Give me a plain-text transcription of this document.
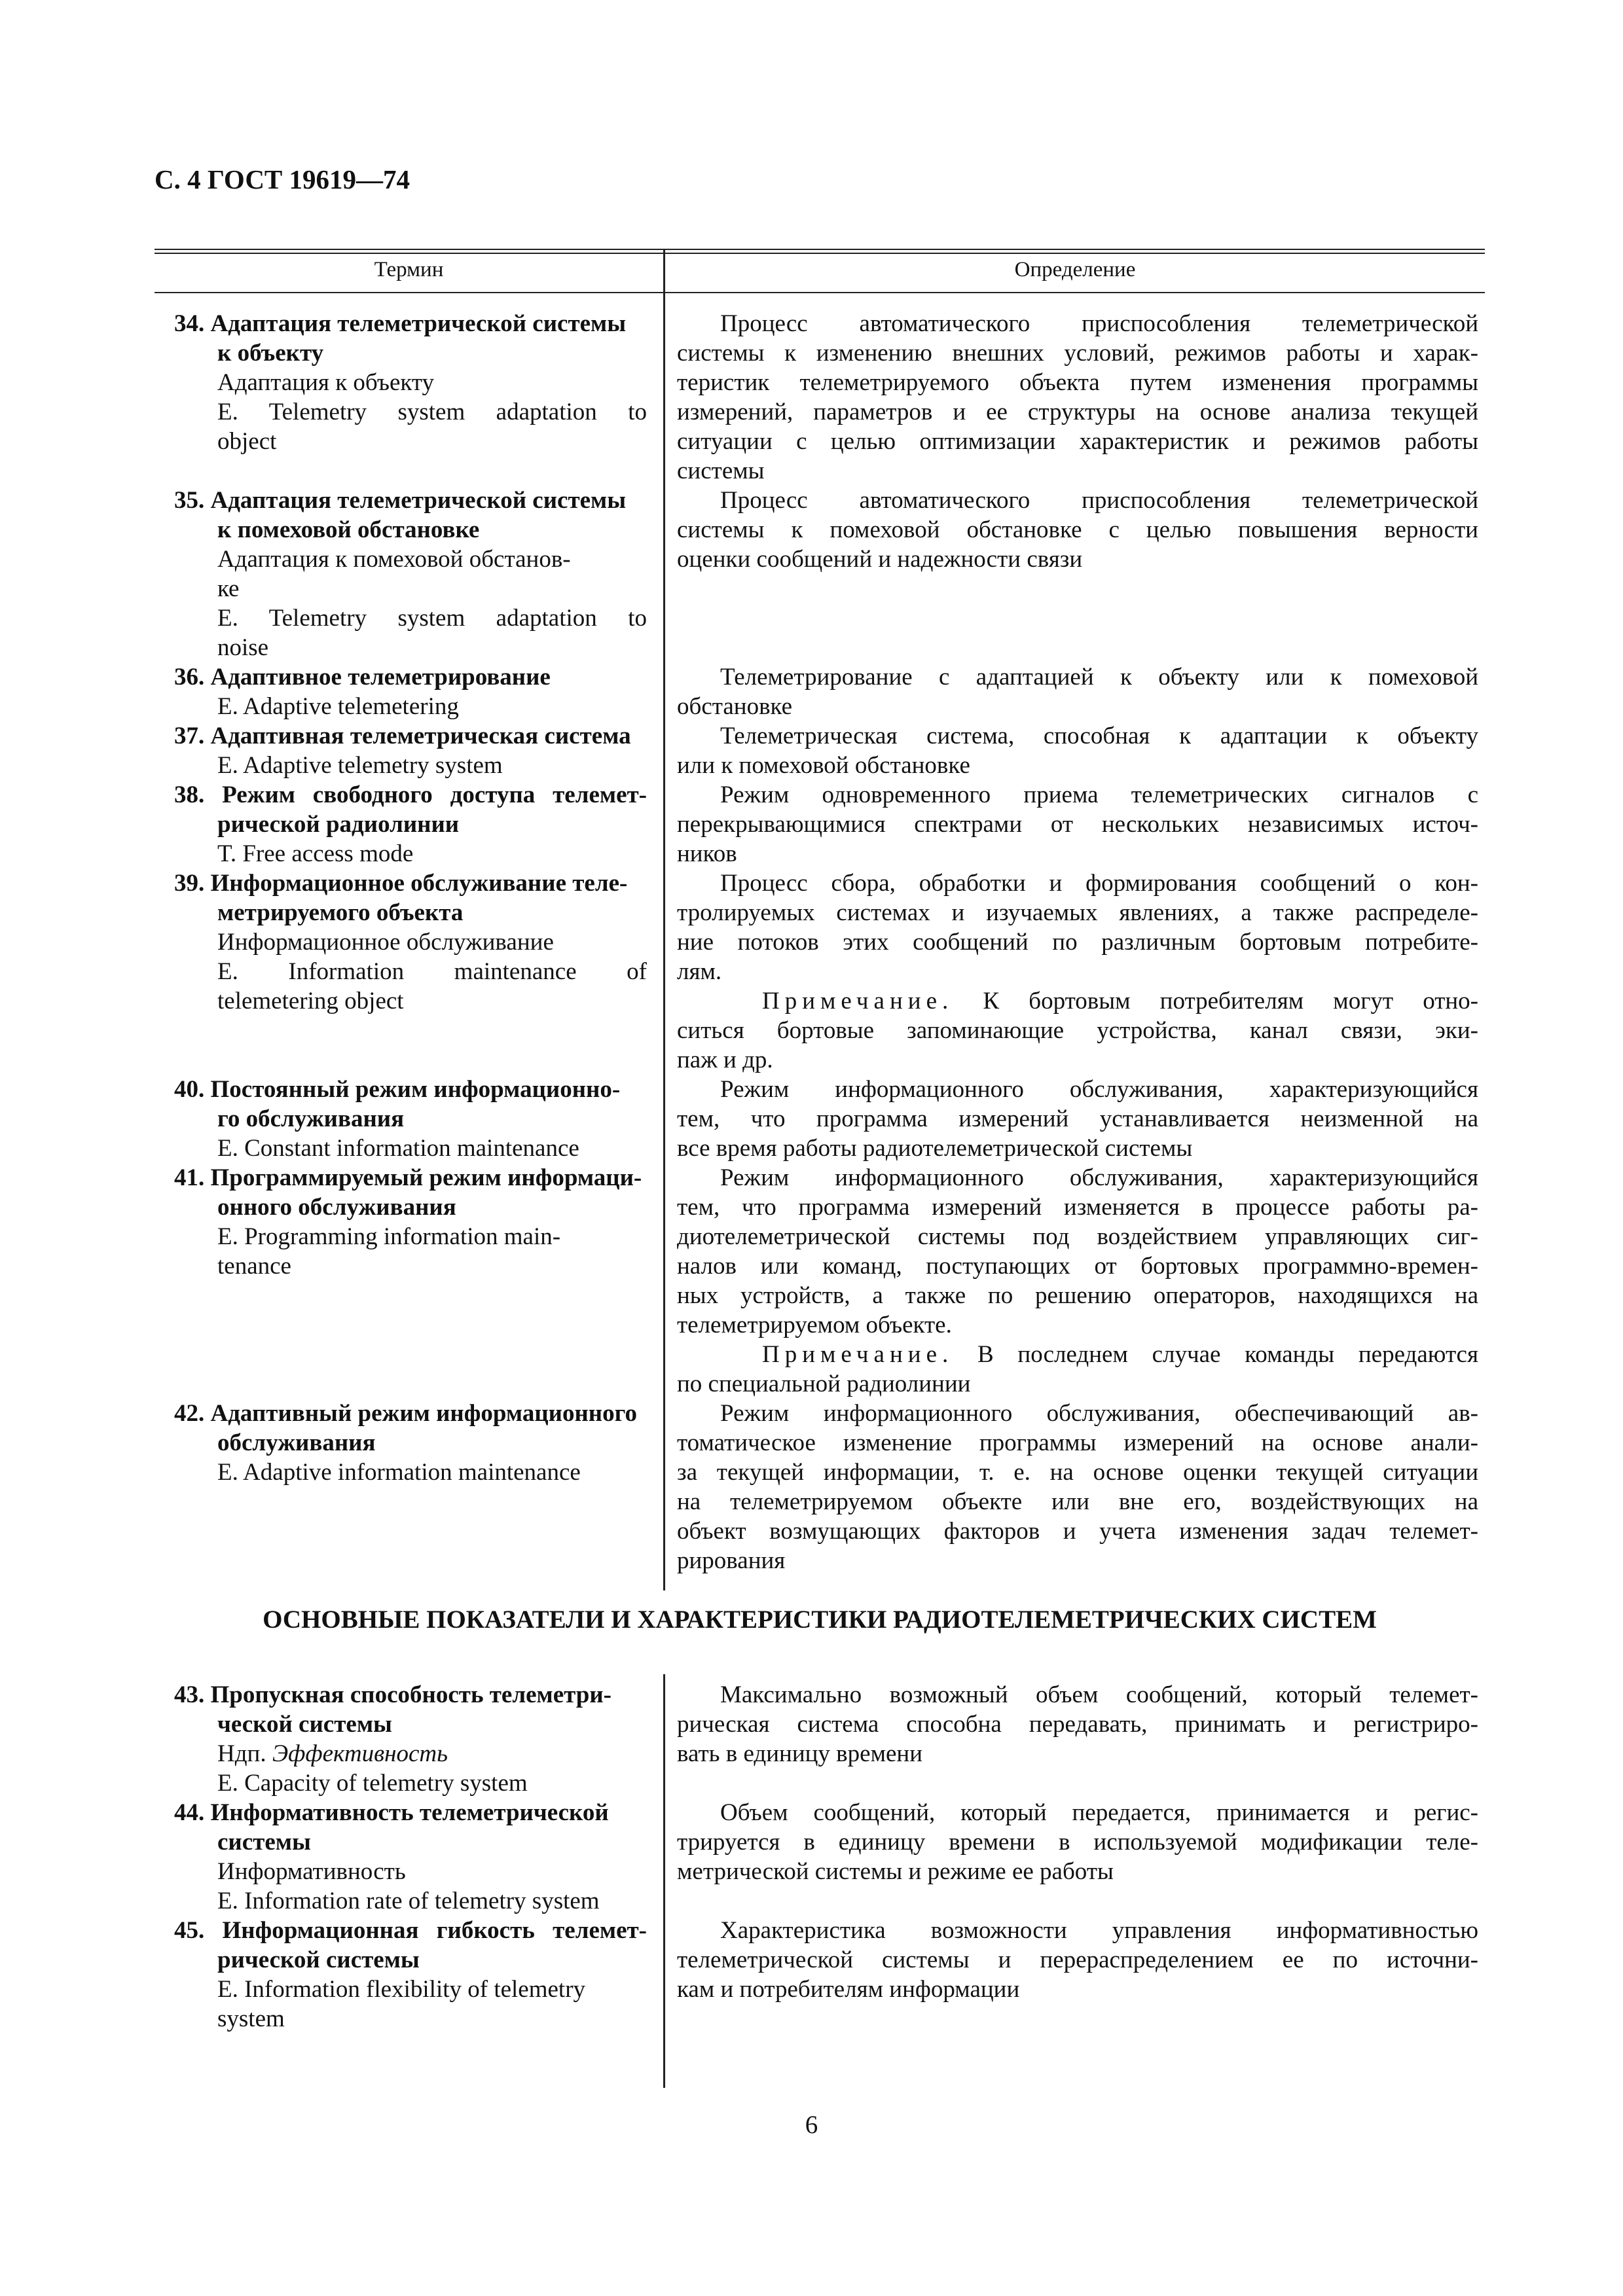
С. 4 ГОСТ 19619—74
Термин	Определение
34. Адаптация телеметрической системы
к объекту
Адаптация к объекту
E. Telemetry system adaptation to
object
Процесс автоматического приспособления телеметрической
системы к изменению внешних условий, режимов работы и харак-
теристик телеметрируемого объекта путем изменения программы
измерений, параметров и ее структуры на основе анализа текущей
ситуации с целью оптимизации характеристик и режимов работы
системы
35. Адаптация телеметрической системы
к помеховой обстановке
Адаптация к помеховой обстанов-
ке
E. Telemetry system adaptation to
noise
Процесс автоматического приспособления телеметрической
системы к помеховой обстановке с целью повышения верности
оценки сообщений и надежности связи
36. Адаптивное телеметрирование
E. Adaptive telemetering
Телеметрирование с адаптацией к объекту или к помеховой
обстановке
37. Адаптивная телеметрическая система
E. Adaptive telemetry system
Телеметрическая система, способная к адаптации к объекту
или к помеховой обстановке
38. Режим свободного доступа телемет-
рической радиолинии
T. Free access mode
Режим одновременного приема телеметрических сигналов с
перекрывающимися спектрами от нескольких независимых источ-
ников
39. Информационное обслуживание теле-
метрируемого объекта
Информационное обслуживание
E. Information maintenance of
telemetering object
Процесс сбора, обработки и формирования сообщений о кон-
тролируемых системах и изучаемых явлениях, а также распределе-
ние потоков этих сообщений по различным бортовым потребите-
лям.
Примечание. К бортовым потребителям могут отно-
ситься бортовые запоминающие устройства, канал связи, эки-
паж и др.
40. Постоянный режим информационно-
го обслуживания
E. Constant information maintenance
Режим информационного обслуживания, характеризующийся
тем, что программа измерений устанавливается неизменной на
все время работы радиотелеметрической системы
41. Программируемый режим информаци-
онного обслуживания
E. Programming information main-
tenance
Режим информационного обслуживания, характеризующийся
тем, что программа измерений изменяется в процессе работы ра-
диотелеметрической системы под воздействием управляющих сиг-
налов или команд, поступающих от бортовых программно-времен-
ных устройств, а также по решению операторов, находящихся на
телеметрируемом объекте.
Примечание. В последнем случае команды передаются
по специальной радиолинии
42. Адаптивный режим информационного
обслуживания
E. Adaptive information maintenance
Режим информационного обслуживания, обеспечивающий ав-
томатическое изменение программы измерений на основе анали-
за текущей информации, т. е. на основе оценки текущей ситуации
на телеметрируемом объекте или вне его, воздействующих на
объект возмущающих факторов и учета изменения задач телемет-
рирования
ОСНОВНЫЕ ПОКАЗАТЕЛИ И ХАРАКТЕРИСТИКИ РАДИОТЕЛЕМЕТРИЧЕСКИХ СИСТЕМ
43. Пропускная способность телеметри-
ческой системы
Ндп. Эффективность
E. Capacity of telemetry system
Максимально возможный объем сообщений, который телемет-
рическая система способна передавать, принимать и регистриро-
вать в единицу времени
44. Информативность телеметрической
системы
Информативность
E. Information rate of telemetry system
Объем сообщений, который передается, принимается и регис-
трируется в единицу времени в используемой модификации теле-
метрической системы и режиме ее работы
45. Информационная гибкость телемет-
рической системы
E. Information flexibility of telemetry
system
Характеристика возможности управления информативностью
телеметрической системы и перераспределением ее по источни-
кам и потребителям информации
6
